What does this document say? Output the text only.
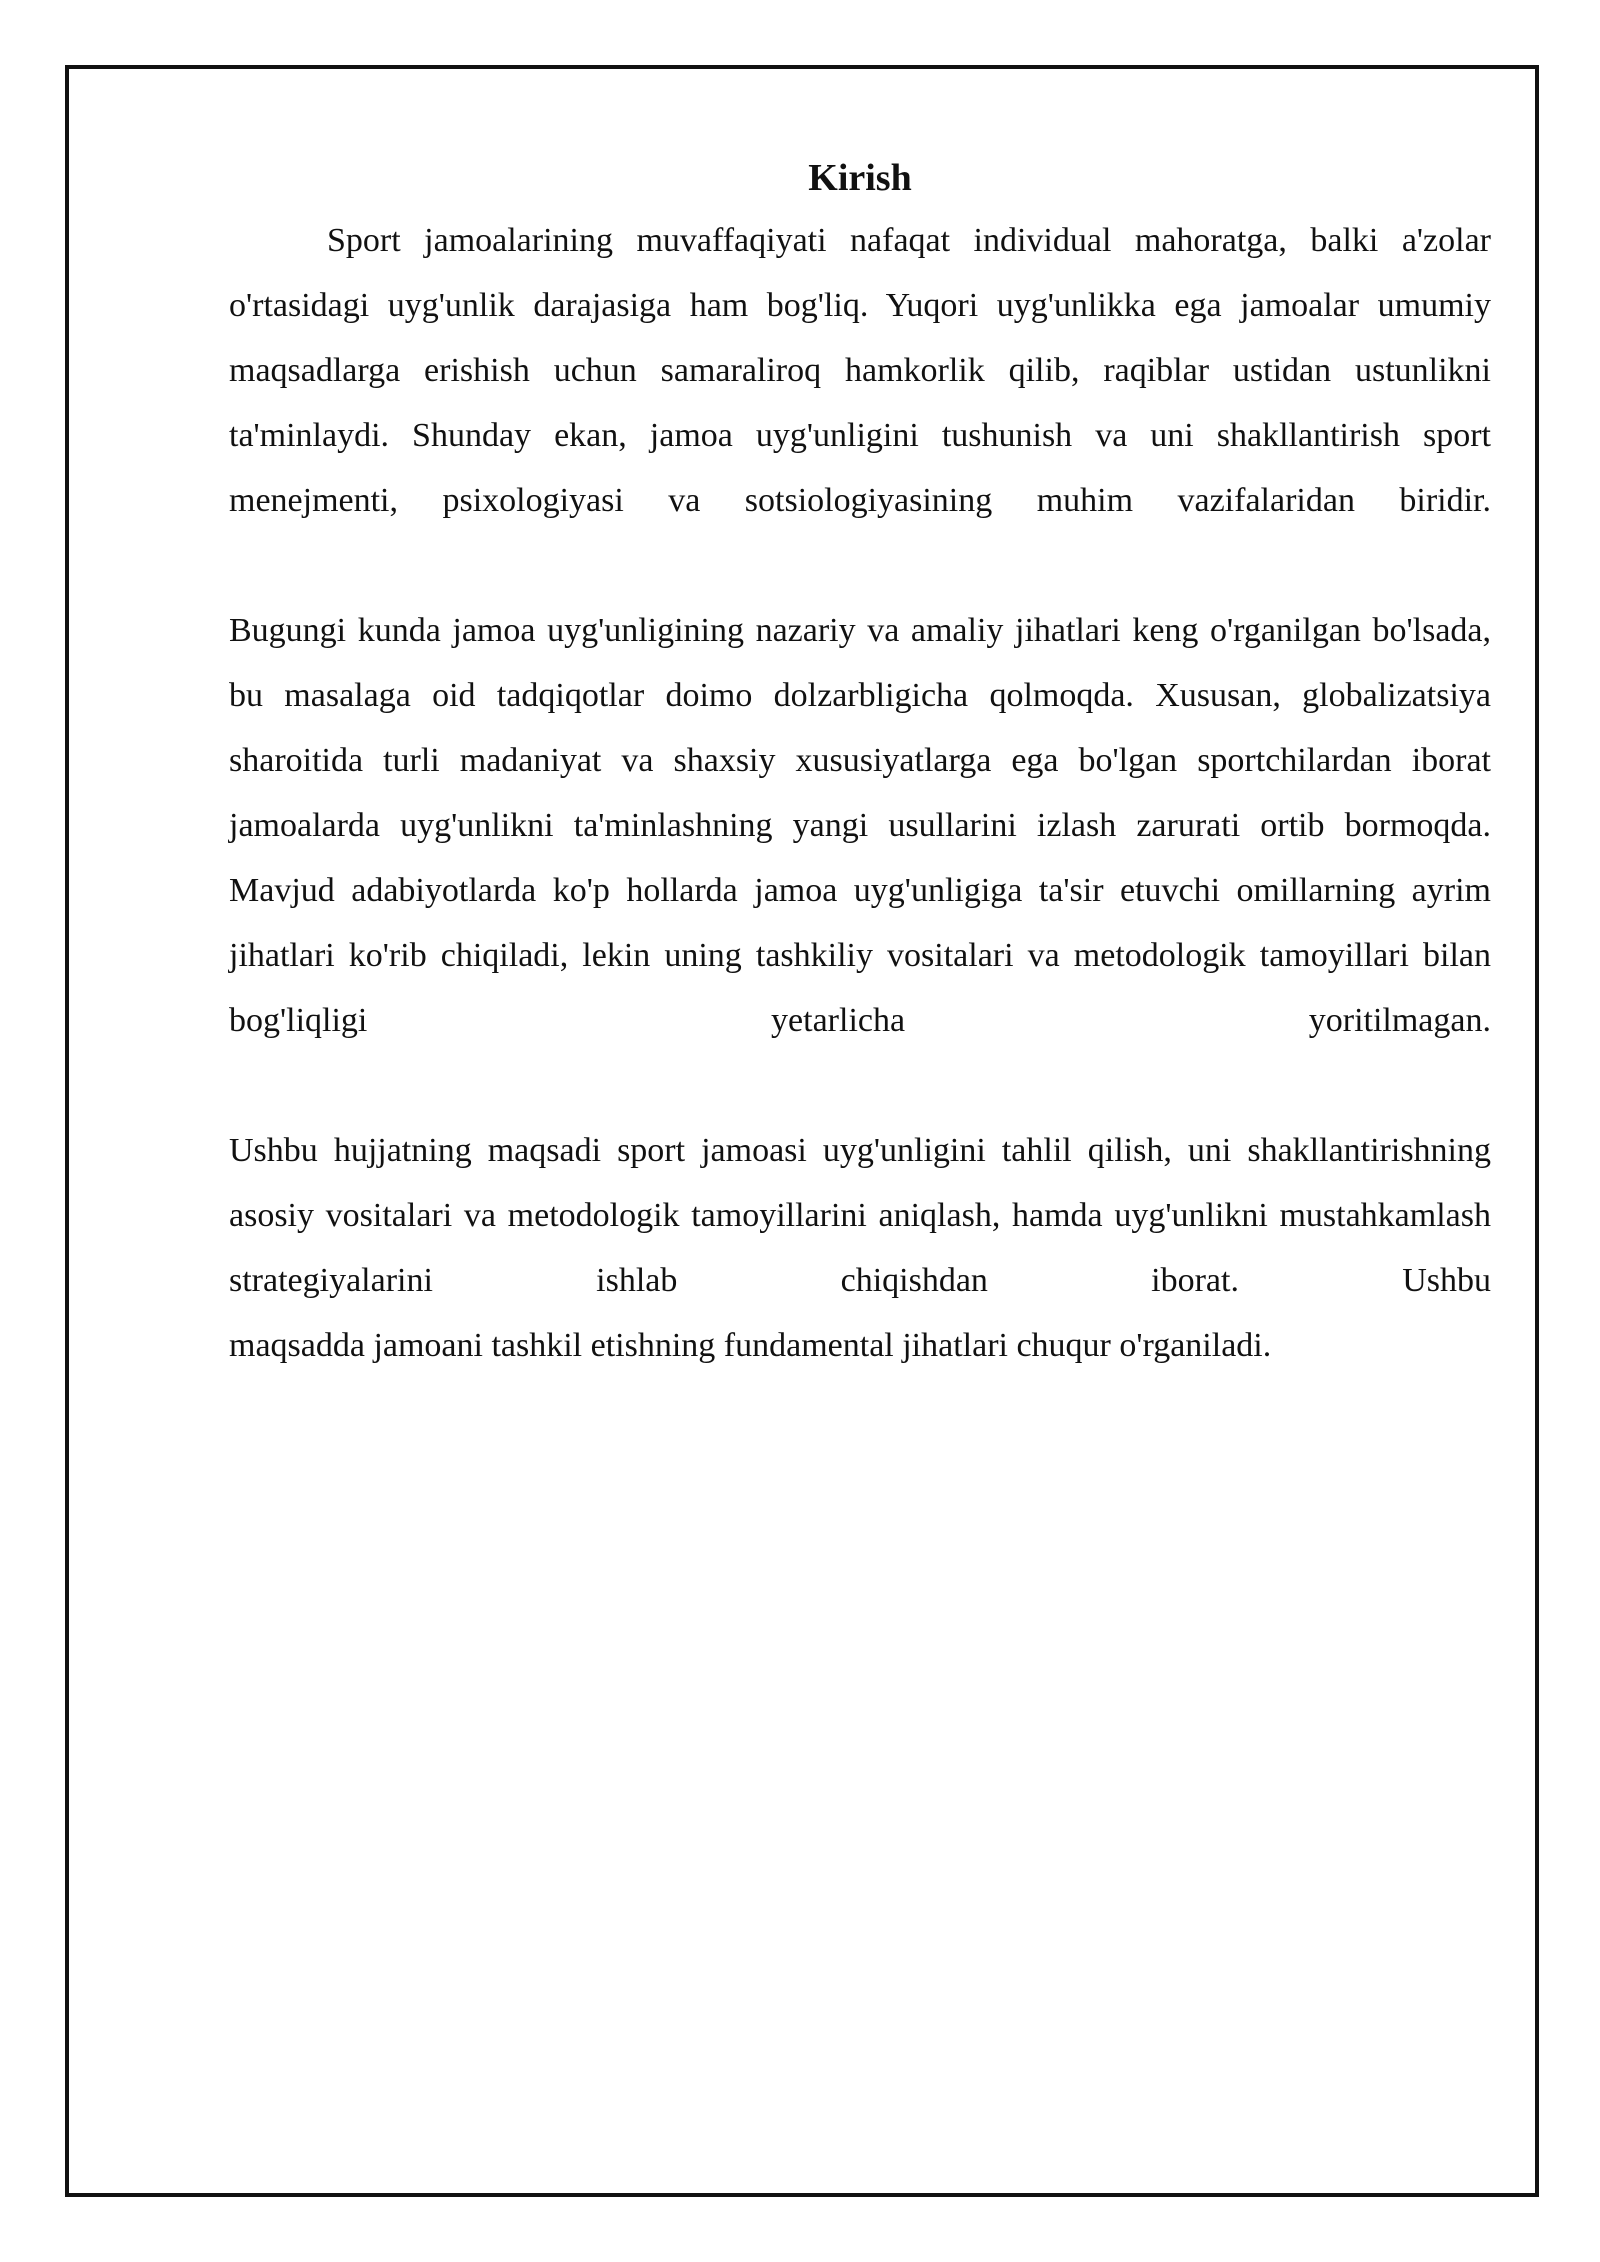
Kirish

Sport jamoalarining muvaffaqiyati nafaqat individual mahoratga, balki a'zolar o'rtasidagi uyg'unlik darajasiga ham bog'liq. Yuqori uyg'unlikka ega jamoalar umumiy maqsadlarga erishish uchun samaraliroq hamkorlik qilib, raqiblar ustidan ustunlikni ta'minlaydi. Shunday ekan, jamoa uyg'unligini tushunish va uni shakllantirish sport menejmenti, psixologiyasi va sotsiologiyasining muhim vazifalaridan biridir.

Bugungi kunda jamoa uyg'unligining nazariy va amaliy jihatlari keng o'rganilgan bo'lsada, bu masalaga oid tadqiqotlar doimo dolzarbligicha qolmoqda. Xususan, globalizatsiya sharoitida turli madaniyat va shaxsiy xususiyatlarga ega bo'lgan sportchilardan iborat jamoalarda uyg'unlikni ta'minlashning yangi usullarini izlash zarurati ortib bormoqda. Mavjud adabiyotlarda ko'p hollarda jamoa uyg'unligiga ta'sir etuvchi omillarning ayrim jihatlari ko'rib chiqiladi, lekin uning tashkiliy vositalari va metodologik tamoyillari bilan bog'liqligi yetarlicha yoritilmagan.

Ushbu hujjatning maqsadi sport jamoasi uyg'unligini tahlil qilish, uni shakllantirishning asosiy vositalari va metodologik tamoyillarini aniqlash, hamda uyg'unlikni mustahkamlash strategiyalarini ishlab chiqishdan iborat. Ushbu

maqsadda jamoani tashkil etishning fundamental jihatlari chuqur o'rganiladi.
